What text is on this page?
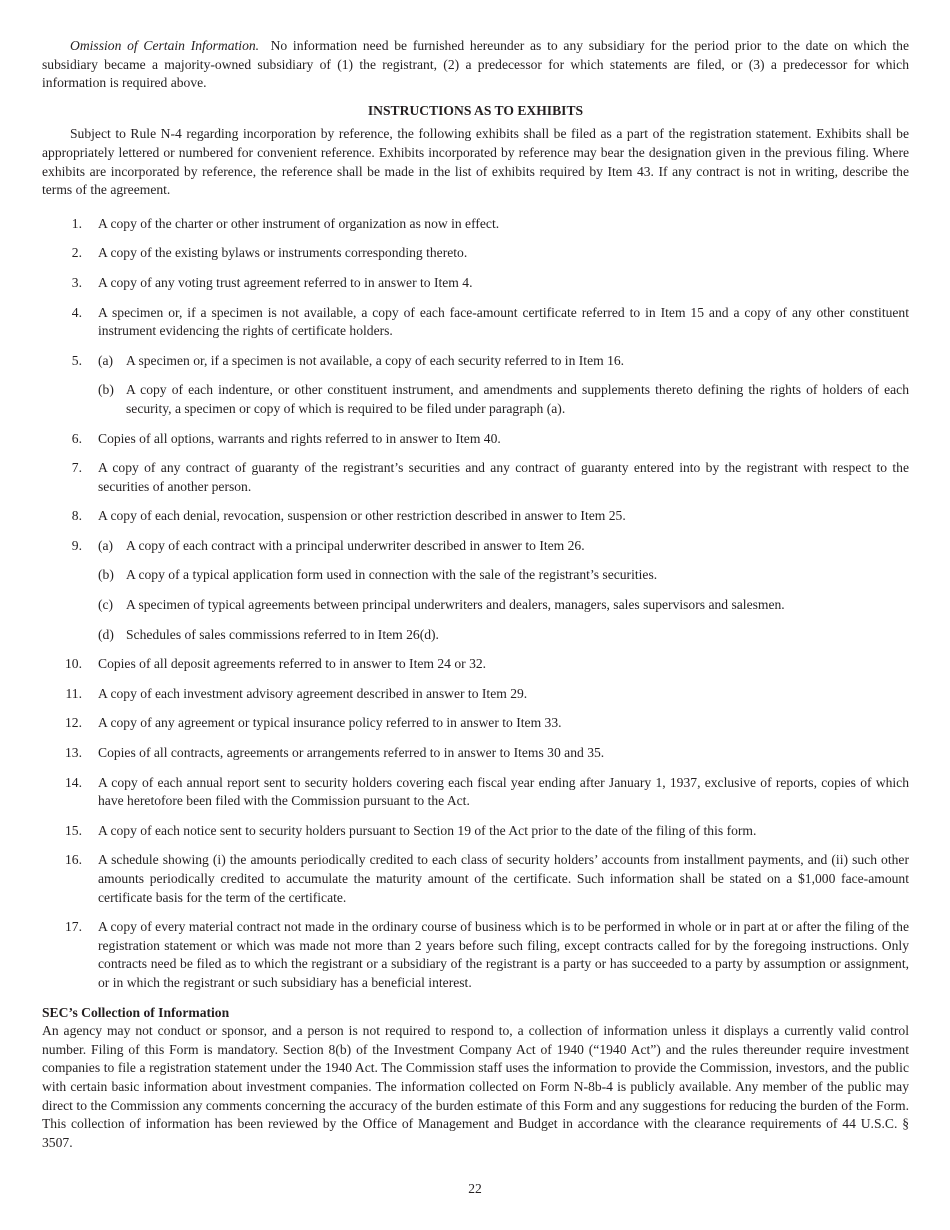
Omission of Certain Information. No information need be furnished hereunder as to any subsidiary for the period prior to the date on which the subsidiary became a majority-owned subsidiary of (1) the registrant, (2) a predecessor for which statements are filed, or (3) a predecessor for which information is required above.

INSTRUCTIONS AS TO EXHIBITS

Subject to Rule N-4 regarding incorporation by reference, the following exhibits shall be filed as a part of the registration statement. Exhibits shall be appropriately lettered or numbered for convenient reference. Exhibits incorporated by reference may bear the designation given in the previous filing. Where exhibits are incorporated by reference, the reference shall be made in the list of exhibits required by Item 43. If any contract is not in writing, describe the terms of the agreement.

1. A copy of the charter or other instrument of organization as now in effect.
2. A copy of the existing bylaws or instruments corresponding thereto.
3. A copy of any voting trust agreement referred to in answer to Item 4.
4. A specimen or, if a specimen is not available, a copy of each face-amount certificate referred to in Item 15 and a copy of any other constituent instrument evidencing the rights of certificate holders.
5. (a) A specimen or, if a specimen is not available, a copy of each security referred to in Item 16.
(b) A copy of each indenture, or other constituent instrument, and amendments and supplements thereto defining the rights of holders of each security, a specimen or copy of which is required to be filed under paragraph (a).
6. Copies of all options, warrants and rights referred to in answer to Item 40.
7. A copy of any contract of guaranty of the registrant’s securities and any contract of guaranty entered into by the registrant with respect to the securities of another person.
8. A copy of each denial, revocation, suspension or other restriction described in answer to Item 25.
9. (a) A copy of each contract with a principal underwriter described in answer to Item 26.
(b) A copy of a typical application form used in connection with the sale of the registrant’s securities.
(c) A specimen of typical agreements between principal underwriters and dealers, managers, sales supervisors and salesmen.
(d) Schedules of sales commissions referred to in Item 26(d).
10. Copies of all deposit agreements referred to in answer to Item 24 or 32.
11. A copy of each investment advisory agreement described in answer to Item 29.
12. A copy of any agreement or typical insurance policy referred to in answer to Item 33.
13. Copies of all contracts, agreements or arrangements referred to in answer to Items 30 and 35.
14. A copy of each annual report sent to security holders covering each fiscal year ending after January 1, 1937, exclusive of reports, copies of which have heretofore been filed with the Commission pursuant to the Act.
15. A copy of each notice sent to security holders pursuant to Section 19 of the Act prior to the date of the filing of this form.
16. A schedule showing (i) the amounts periodically credited to each class of security holders’ accounts from installment payments, and (ii) such other amounts periodically credited to accumulate the maturity amount of the certificate. Such information shall be stated on a $1,000 face-amount certificate basis for the term of the certificate.
17. A copy of every material contract not made in the ordinary course of business which is to be performed in whole or in part at or after the filing of the registration statement or which was made not more than 2 years before such filing, except contracts called for by the foregoing instructions. Only contracts need be filed as to which the registrant or a subsidiary of the registrant is a party or has succeeded to a party by assumption or assignment, or in which the registrant or such subsidiary has a beneficial interest.
SEC’s Collection of Information

An agency may not conduct or sponsor, and a person is not required to respond to, a collection of information unless it displays a currently valid control number. Filing of this Form is mandatory. Section 8(b) of the Investment Company Act of 1940 (“1940 Act”) and the rules thereunder require investment companies to file a registration statement under the 1940 Act. The Commission staff uses the information to provide the Commission, investors, and the public with certain basic information about investment companies. The information collected on Form N-8b-4 is publicly available. Any member of the public may direct to the Commission any comments concerning the accuracy of the burden estimate of this Form and any suggestions for reducing the burden of the Form. This collection of information has been reviewed by the Office of Management and Budget in accordance with the clearance requirements of 44 U.S.C. § 3507.

22
